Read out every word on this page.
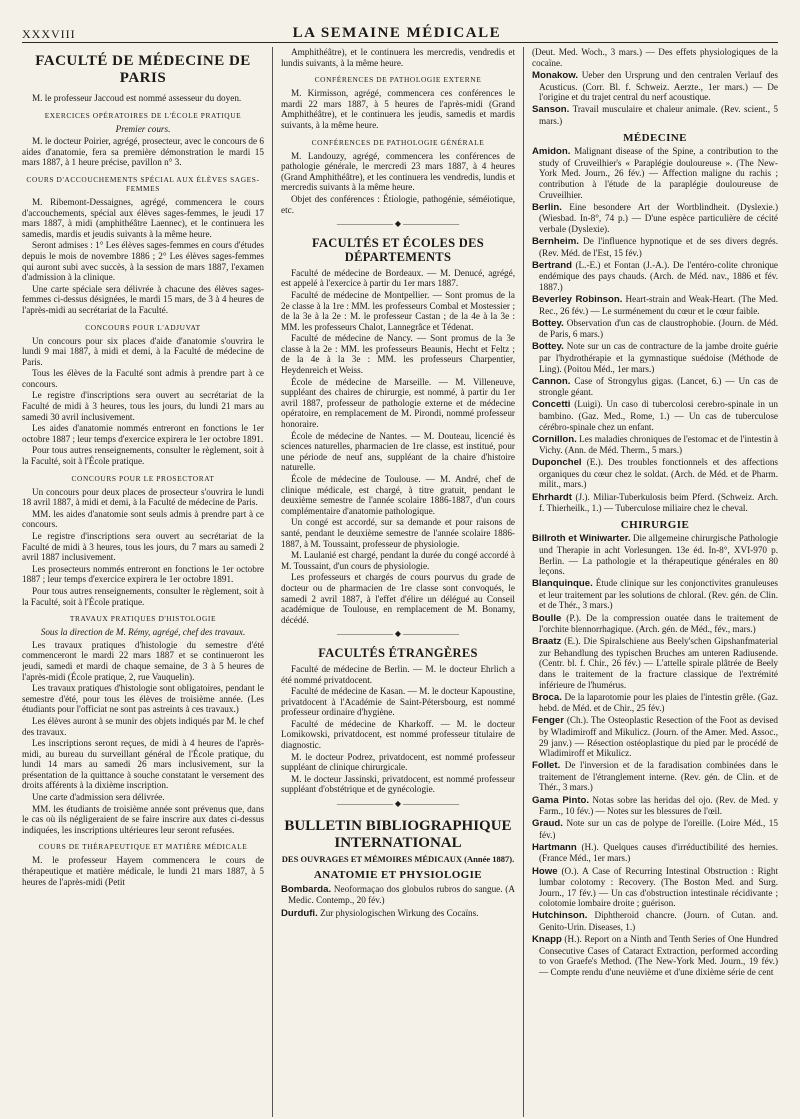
XXXVIII	LA SEMAINE MÉDICALE
FACULTÉ DE MÉDECINE DE PARIS

M. le professeur Jaccoud est nommé assesseur du doyen.

EXERCICES OPÉRATOIRES DE L'ÉCOLE PRATIQUE
Premier cours.

M. le docteur Poirier, agrégé, prosecteur, avec le concours de 6 aides d'anatomie, fera sa première démonstration le mardi 15 mars 1887, à 1 heure précise, pavillon n° 3.

COURS D'ACCOUCHEMENTS SPÉCIAL AUX ÉLÈVES SAGES-FEMMES

M. Ribemont-Dessaignes, agrégé, commencera le cours d'accouchements, spécial aux élèves sages-femmes, le jeudi 17 mars 1887, à midi (amphithéâtre Laennec), et le continuera les samedis, mardis et jeudis suivants à la même heure.

Seront admises : 1° Les élèves sages-femmes en cours d'études depuis le mois de novembre 1886 ; 2° Les élèves sages-femmes qui auront subi avec succès, à la session de mars 1887, l'examen d'admission à la clinique.

Une carte spéciale sera délivrée à chacune des élèves sages-femmes ci-dessus désignées, le mardi 15 mars, de 3 à 4 heures de l'après-midi au secrétariat de la Faculté.

CONCOURS POUR L'ADJUVAT

Un concours pour six places d'aide d'anatomie s'ouvrira le lundi 9 mai 1887, à midi et demi, à la Faculté de médecine de Paris.

Tous les élèves de la Faculté sont admis à prendre part à ce concours.

Le registre d'inscriptions sera ouvert au secrétariat de la Faculté de midi à 3 heures, tous les jours, du lundi 21 mars au samedi 30 avril inclusivement.

Les aides d'anatomie nommés entreront en fonctions le 1er octobre 1887 ; leur temps d'exercice expirera le 1er octobre 1891.

Pour tous autres renseignements, consulter le règlement, soit à la Faculté, soit à l'École pratique.

CONCOURS POUR LE PROSECTORAT

Un concours pour deux places de prosecteur s'ouvrira le lundi 18 avril 1887, à midi et demi, à la Faculté de médecine de Paris.

MM. les aides d'anatomie sont seuls admis à prendre part à ce concours.

Le registre d'inscriptions sera ouvert au secrétariat de la Faculté de midi à 3 heures, tous les jours, du 7 mars au samedi 2 avril 1887 inclusivement.

Les prosecteurs nommés entreront en fonctions le 1er octobre 1887 ; leur temps d'exercice expirera le 1er octobre 1891.

Pour tous autres renseignements, consulter le règlement, soit à la Faculté, soit à l'École pratique.

TRAVAUX PRATIQUES D'HISTOLOGIE
Sous la direction de M. Rémy, agrégé, chef des travaux.

Les travaux pratiques d'histologie du semestre d'été commenceront le mardi 22 mars 1887 et se continueront les jeudi, samedi et mardi de chaque semaine, de 3 à 5 heures de l'après-midi (École pratique, 2, rue Vauquelin).

Les travaux pratiques d'histologie sont obligatoires, pendant le semestre d'été, pour tous les élèves de troisième année. (Les étudiants pour l'officiat ne sont pas astreints à ces travaux.)

Les élèves auront à se munir des objets indiqués par M. le chef des travaux.

Les inscriptions seront reçues, de midi à 4 heures de l'après-midi, au bureau du surveillant général de l'École pratique, du lundi 14 mars au samedi 26 mars inclusivement, sur la présentation de la quittance à souche constatant le versement des droits afférents à la dixième inscription.

Une carte d'admission sera délivrée.

MM. les étudiants de troisième année sont prévenus que, dans le cas où ils négligeraient de se faire inscrire aux dates ci-dessus indiquées, les inscriptions ultérieures leur seront refusées.

COURS DE THÉRAPEUTIQUE ET MATIÈRE MÉDICALE

M. le professeur Hayem commencera le cours de thérapeutique et matière médicale, le lundi 21 mars 1887, à 5 heures de l'après-midi (Petit

Amphithéâtre), et le continuera les mercredis, vendredis et lundis suivants, à la même heure.

CONFÉRENCES DE PATHOLOGIE EXTERNE

M. Kirmisson, agrégé, commencera ces conférences le mardi 22 mars 1887, à 5 heures de l'après-midi (Grand Amphithéâtre), et le continuera les jeudis, samedis et mardis suivants, à la même heure.

CONFÉRENCES DE PATHOLOGIE GÉNÉRALE

M. Landouzy, agrégé, commencera les conférences de pathologie générale, le mercredi 23 mars 1887, à 4 heures (Grand Amphithéâtre), et les continuera les vendredis, lundis et mercredis suivants à la même heure.

Objet des conférences : Étiologie, pathogénie, séméiotique, etc.

——————— ◆ ———————
FACULTÉS ET ÉCOLES DES DÉPARTEMENTS

Faculté de médecine de Bordeaux. — M. Denucé, agrégé, est appelé à l'exercice à partir du 1er mars 1887.

Faculté de médecine de Montpellier. — Sont promus de la 2e classe à la 1re : MM. les professeurs Combal et Mostessier ; de la 3e à la 2e : M. le professeur Castan ; de la 4e à la 3e : MM. les professeurs Chalot, Lannegrâce et Tédenat.

Faculté de médecine de Nancy. — Sont promus de la 3e classe à la 2e : MM. les professeurs Beaunis, Hecht et Feltz ; de la 4e à la 3e : MM. les professeurs Charpentier, Heydenreich et Weiss.

École de médecine de Marseille. — M. Villeneuve, suppléant des chaires de chirurgie, est nommé, à partir du 1er avril 1887, professeur de pathologie externe et de médecine opératoire, en remplacement de M. Pirondi, nommé professeur honoraire.

École de médecine de Nantes. — M. Douteau, licencié ès sciences naturelles, pharmacien de 1re classe, est institué, pour une période de neuf ans, suppléant de la chaire d'histoire naturelle.

École de médecine de Toulouse. — M. André, chef de clinique médicale, est chargé, à titre gratuit, pendant le deuxième semestre de l'année scolaire 1886-1887, d'un cours complémentaire d'anatomie pathologique.

Un congé est accordé, sur sa demande et pour raisons de santé, pendant le deuxième semestre de l'année scolaire 1886-1887, à M. Toussaint, professeur de physiologie.

M. Laulanié est chargé, pendant la durée du congé accordé à M. Toussaint, d'un cours de physiologie.

Les professeurs et chargés de cours pourvus du grade de docteur ou de pharmacien de 1re classe sont convoqués, le samedi 2 avril 1887, à l'effet d'élire un délégué au Conseil académique de Toulouse, en remplacement de M. Bonamy, décédé.

——————— ◆ ———————
FACULTÉS ÉTRANGÈRES

Faculté de médecine de Berlin. — M. le docteur Ehrlich a été nommé privatdocent.

Faculté de médecine de Kasan. — M. le docteur Kapoustine, privatdocent à l'Académie de Saint-Pétersbourg, est nommé professeur ordinaire d'hygiène.

Faculté de médecine de Kharkoff. — M. le docteur Lomikowski, privatdocent, est nommé professeur titulaire de diagnostic.

M. le docteur Podrez, privatdocent, est nommé professeur suppléant de clinique chirurgicale.

M. le docteur Jassinski, privatdocent, est nommé professeur suppléant d'obstétrique et de gynécologie.

——————— ◆ ———————
BULLETIN BIBLIOGRAPHIQUE INTERNATIONAL
DES OUVRAGES ET MÉMOIRES MÉDICAUX (Année 1887).
ANATOMIE ET PHYSIOLOGIE
Bombarda. Neoformaçao dos globulos rubros do sangue. (A Medic. Contemp., 20 fév.)
Durdufi. Zur physiologischen Wirkung des Cocaïns.
(Deut. Med. Woch., 3 mars.) — Des effets physiologiques de la cocaïne.
Monakow. Ueber den Ursprung und den centralen Verlauf des Acusticus. (Corr. Bl. f. Schweiz. Aerzte., 1er mars.) — De l'origine et du trajet central du nerf acoustique.
Sanson. Travail musculaire et chaleur animale. (Rev. scient., 5 mars.)
MÉDECINE
Amidon. Malignant disease of the Spine, a contribution to the study of Cruveilhier's « Paraplégie douloureuse ». (The New-York Med. Journ., 26 fév.) — Affection maligne du rachis ; contribution à l'étude de la paraplégie douloureuse de Cruveilhier.
Berlin. Eine besondere Art der Wortblindheit. (Dyslexie.) (Wiesbad. In-8°, 74 p.) — D'une espèce particulière de cécité verbale (Dyslexie).
Bernheim. De l'influence hypnotique et de ses divers degrés. (Rev. Méd. de l'Est, 15 fév.)
Bertrand (L.-E.) et Fontan (J.-A.). De l'entéro-colite chronique endémique des pays chauds. (Arch. de Méd. nav., 1886 et fév. 1887.)
Beverley Robinson. Heart-strain and Weak-Heart. (The Med. Rec., 26 fév.) — Le surménement du cœur et le cœur faible.
Bottey. Observation d'un cas de claustrophobie. (Journ. de Méd. de Paris, 6 mars.)
Bottey. Note sur un cas de contracture de la jambe droite guérie par l'hydrothérapie et la gymnastique suédoise (Méthode de Ling). (Poitou Méd., 1er mars.)
Cannon. Case of Strongylus gigas. (Lancet, 6.) — Un cas de strongle géant.
Concetti (Luigi). Un caso di tubercolosi cerebro-spinale in un bambino. (Gaz. Med., Rome, 1.) — Un cas de tuberculose cérébro-spinale chez un enfant.
Cornillon. Les maladies chroniques de l'estomac et de l'intestin à Vichy. (Ann. de Méd. Therm., 5 mars.)
Duponchel (E.). Des troubles fonctionnels et des affections organiques du cœur chez le soldat. (Arch. de Méd. et de Pharm. milit., mars.)
Ehrhardt (J.). Miliar-Tuberkulosis beim Pferd. (Schweiz. Arch. f. Thierheilk., 1.) — Tuberculose miliaire chez le cheval.
CHIRURGIE
Billroth et Winiwarter. Die allgemeine chirurgische Pathologie und Therapie in acht Vorlesungen. 13e éd. In-8°, XVI-970 p. Berlin. — La pathologie et la thérapeutique générales en 80 leçons.
Blanquinque. Étude clinique sur les conjonctivites granuleuses et leur traitement par les solutions de chloral. (Rev. gén. de Clin. et de Thér., 3 mars.)
Boulle (P.). De la compression ouatée dans le traitement de l'orchite blennorrhagique. (Arch. gén. de Méd., fév., mars.)
Braatz (E.). Die Spiralschiene aus Beely'schen Gipshanfmaterial zur Behandlung des typischen Bruches am unteren Radiusende. (Centr. bl. f. Chir., 26 fév.) — L'attelle spirale plâtrée de Beely dans le traitement de la fracture classique de l'extrémité inférieure de l'humérus.
Broca. De la laparotomie pour les plaies de l'intestin grêle. (Gaz. hebd. de Méd. et de Chir., 25 fév.)
Fenger (Ch.). The Osteoplastic Resection of the Foot as devised by Wladimiroff and Mikulicz. (Journ. of the Amer. Med. Assoc., 29 janv.) — Résection ostéoplastique du pied par le procédé de Wladimiroff et Mikulicz.
Follet. De l'inversion et de la faradisation combinées dans le traitement de l'étranglement interne. (Rev. gén. de Clin. et de Thér., 3 mars.)
Gama Pinto. Notas sobre las heridas del ojo. (Rev. de Med. y Farm., 10 fév.) — Notes sur les blessures de l'œil.
Graud. Note sur un cas de polype de l'oreille. (Loire Méd., 15 fév.)
Hartmann (H.). Quelques causes d'irréductibilité des hernies. (France Méd., 1er mars.)
Howe (O.). A Case of Recurring Intestinal Obstruction : Right lumbar colotomy : Recovery. (The Boston Med. and Surg. Journ., 17 fév.) — Un cas d'obstruction intestinale récidivante ; colotomie lombaire droite ; guérison.
Hutchinson. Diphtheroid chancre. (Journ. of Cutan. and. Genito-Urin. Diseases, 1.)
Knapp (H.). Report on a Ninth and Tenth Series of One Hundred Consecutive Cases of Cataract Extraction, performed according to von Graefe's Method. (The New-York Med. Journ., 19 fév.) — Compte rendu d'une neuvième et d'une dixième série de cent
